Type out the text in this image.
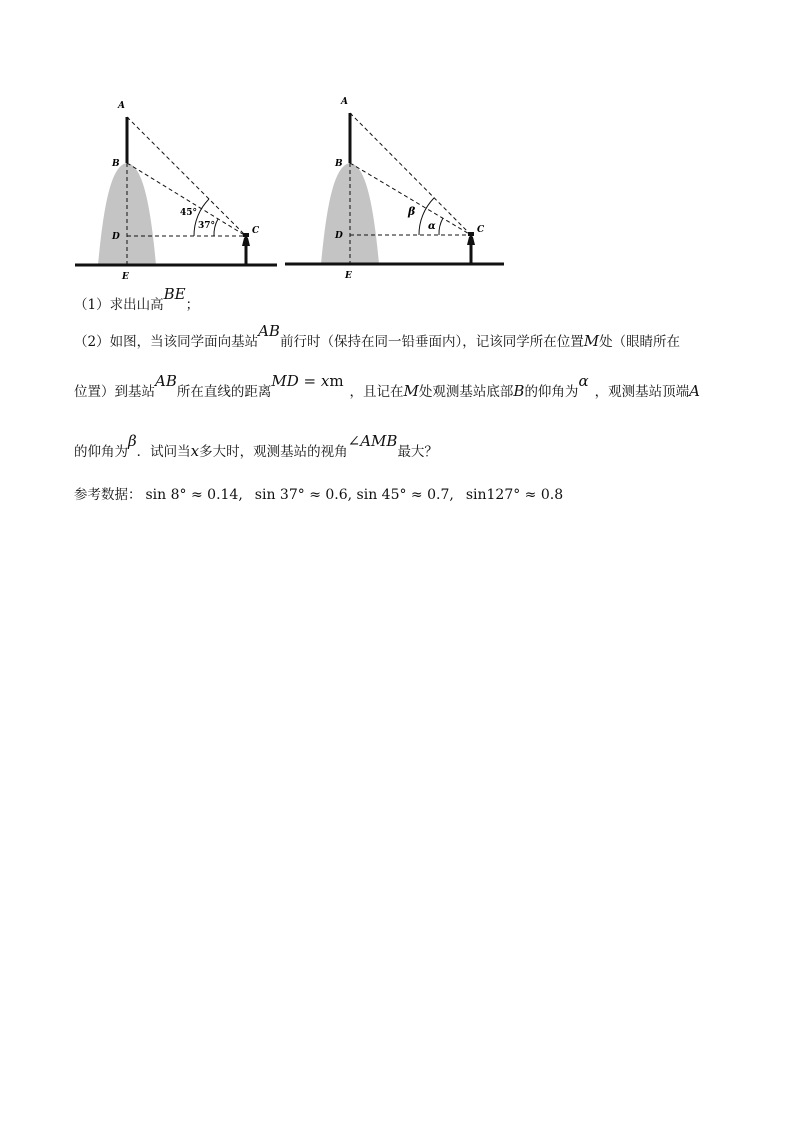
A
B
D
E
C
45°
37°
A
B
D
E
C
β
α
（1）求出山高BE；
（2）如图，当该同学面向基站AB前行时（保持在同一铅垂面内），记该同学所在位置M处（眼睛所在
位置）到基站AB所在直线的距离MD = xm，且记在M处观测基站底部B的仰角为α，观测基站顶端A
的仰角为β．试问当x多大时，观测基站的视角∠AMB最大？
参考数据： sin 8° ≈ 0.14, sin 37° ≈ 0.6, sin 45° ≈ 0.7, sin127° ≈ 0.8
